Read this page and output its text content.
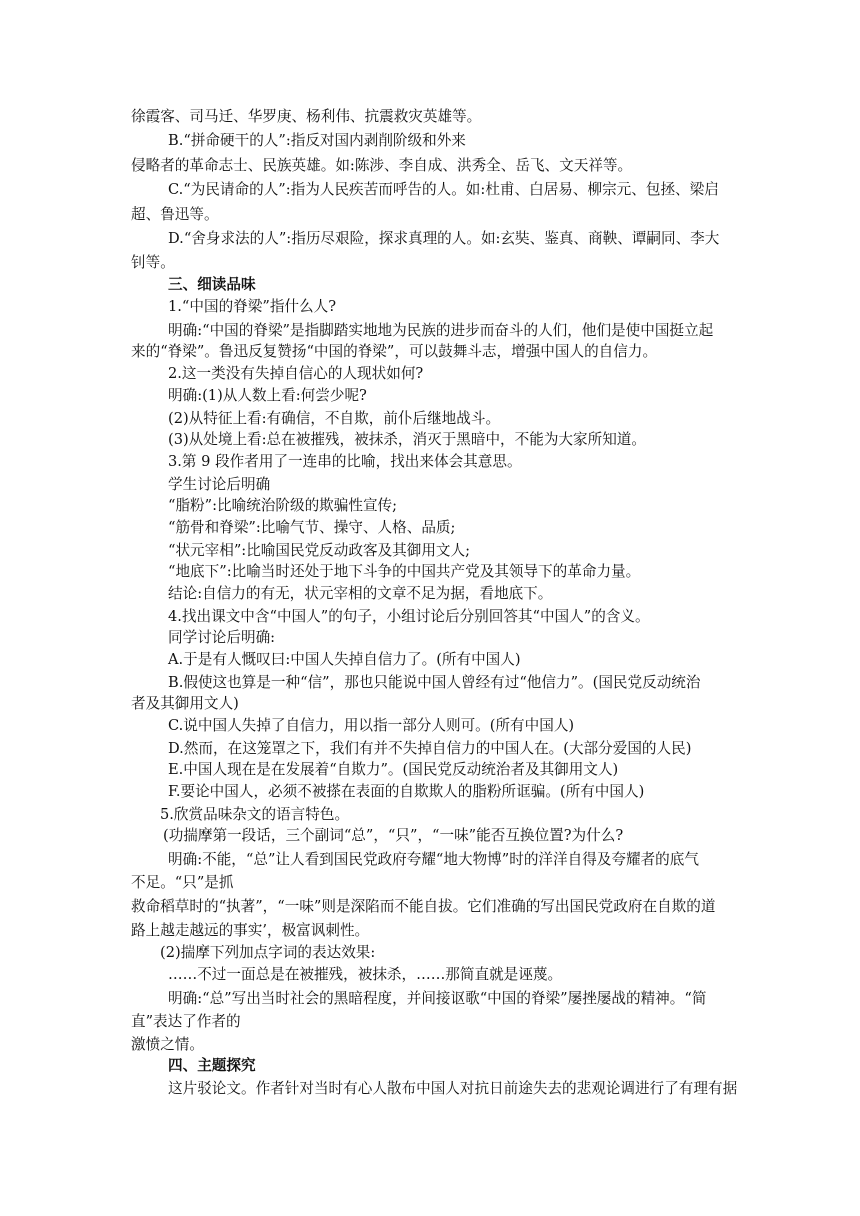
徐霞客、司马迁、华罗庚、杨利伟、抗震救灾英雄等。
B.“拼命硬干的人”:指反对国内剥削阶级和外来
侵略者的革命志士、民族英雄。如:陈涉、李自成、洪秀全、岳飞、文天祥等。
C.“为民请命的人”:指为人民疾苦而呼告的人。如:杜甫、白居易、柳宗元、包拯、梁启
超、鲁迅等。
D.“舍身求法的人”:指历尽艰险，探求真理的人。如:玄奘、鉴真、商鞅、谭嗣同、李大
钊等。
三、细读品味
1.“中国的脊梁”指什么人?
明确:“中国的脊梁”是指脚踏实地地为民族的进步而奋斗的人们，他们是使中国挺立起
来的“脊梁”。鲁迅反复赞扬“中国的脊梁”，可以鼓舞斗志，增强中国人的自信力。
2.这一类没有失掉自信心的人现状如何?
明确:(1)从人数上看:何尝少呢?
(2)从特征上看:有确信，不自欺，前仆后继地战斗。
(3)从处境上看:总在被摧残，被抹杀，消灭于黑暗中，不能为大家所知道。
3.第 9 段作者用了一连串的比喻，找出来体会其意思。
学生讨论后明确
“脂粉”:比喻统治阶级的欺骗性宣传;
“筋骨和脊梁”:比喻气节、操守、人格、品质;
“状元宰相”:比喻国民党反动政客及其御用文人;
“地底下”:比喻当时还处于地下斗争的中国共产党及其领导下的革命力量。
结论:自信力的有无，状元宰相的文章不足为据，看地底下。
4.找出课文中含“中国人”的句子，小组讨论后分别回答其“中国人”的含义。
同学讨论后明确:
A.于是有人慨叹曰:中国人失掉自信力了。(所有中国人)
B.假使这也算是一种“信”，那也只能说中国人曾经有过“他信力”。(国民党反动统治
者及其御用文人)
C.说中国人失掉了自信力，用以指一部分人则可。(所有中国人)
D.然而，在这笼罩之下，我们有并不失掉自信力的中国人在。(大部分爱国的人民)
E.中国人现在是在发展着“自欺力”。(国民党反动统治者及其御用文人)
F.要论中国人，必须不被搽在表面的自欺欺人的脂粉所诓骗。(所有中国人)
5.欣赏品味杂文的语言特色。
(功揣摩第一段话，三个副词“总”，“只”，“一味”能否互换位置?为什么?
明确:不能，“总”让人看到国民党政府夸耀“地大物博”时的洋洋自得及夸耀者的底气
不足。“只”是抓
救命稻草时的“执著”，“一味”则是深陷而不能自拔。它们准确的写出国民党政府在自欺的道
路上越走越远的事实’，极富讽刺性。
(2)揣摩下列加点字词的表达效果:
……不过一面总是在被摧残，被抹杀，……那简直就是诬蔑。
明确:“总”写出当时社会的黑暗程度，并间接讴歌“中国的脊梁”屡挫屡战的精神。“简
直”表达了作者的
激愤之情。
四、主题探究
这片驳论文。作者针对当时有心人散布中国人对抗日前途失去的悲观论调进行了有理有据
